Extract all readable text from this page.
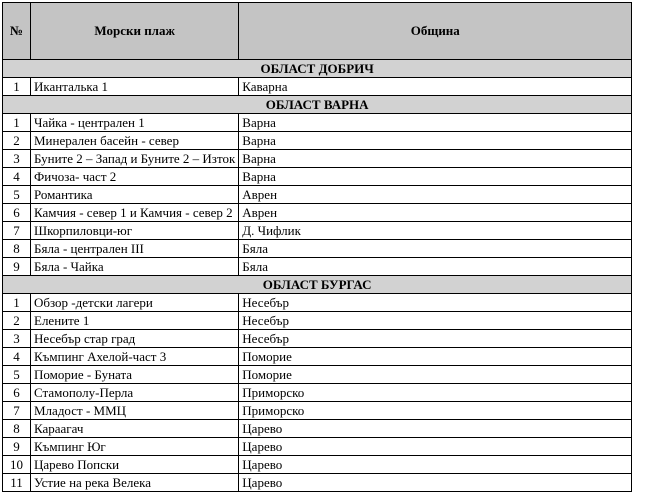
№	Морски плаж	Община
ОБЛАСТ ДОБРИЧ		
1	Иканталька 1	Каварна
ОБЛАСТ ВАРНА		
1	Чайка - централен 1	Варна
2	Минерален басейн - север	Варна
3	Буните 2 – Запад и Буните 2 – Изток	Варна
4	Фичоза- част 2	Варна
5	Романтика	Аврен
6	Камчия - север 1 и Камчия - север 2	Аврен
7	Шкорпиловци-юг	Д. Чифлик
8	Бяла - централен III	Бяла
9	Бяла - Чайка	Бяла
ОБЛАСТ БУРГАС		
1	Обзор -детски лагери	Несебър
2	Елените 1	Несебър
3	Несебър стар град	Несебър
4	Къмпинг Ахелой-част 3	Поморие
5	Поморие - Буната	Поморие
6	Стамополу-Перла	Приморско
7	Младост - ММЦ	Приморско
8	Караагач	Царево
9	Къмпинг Юг	Царево
10	Царево Попски	Царево
11	Устие на река Велека	Царево
